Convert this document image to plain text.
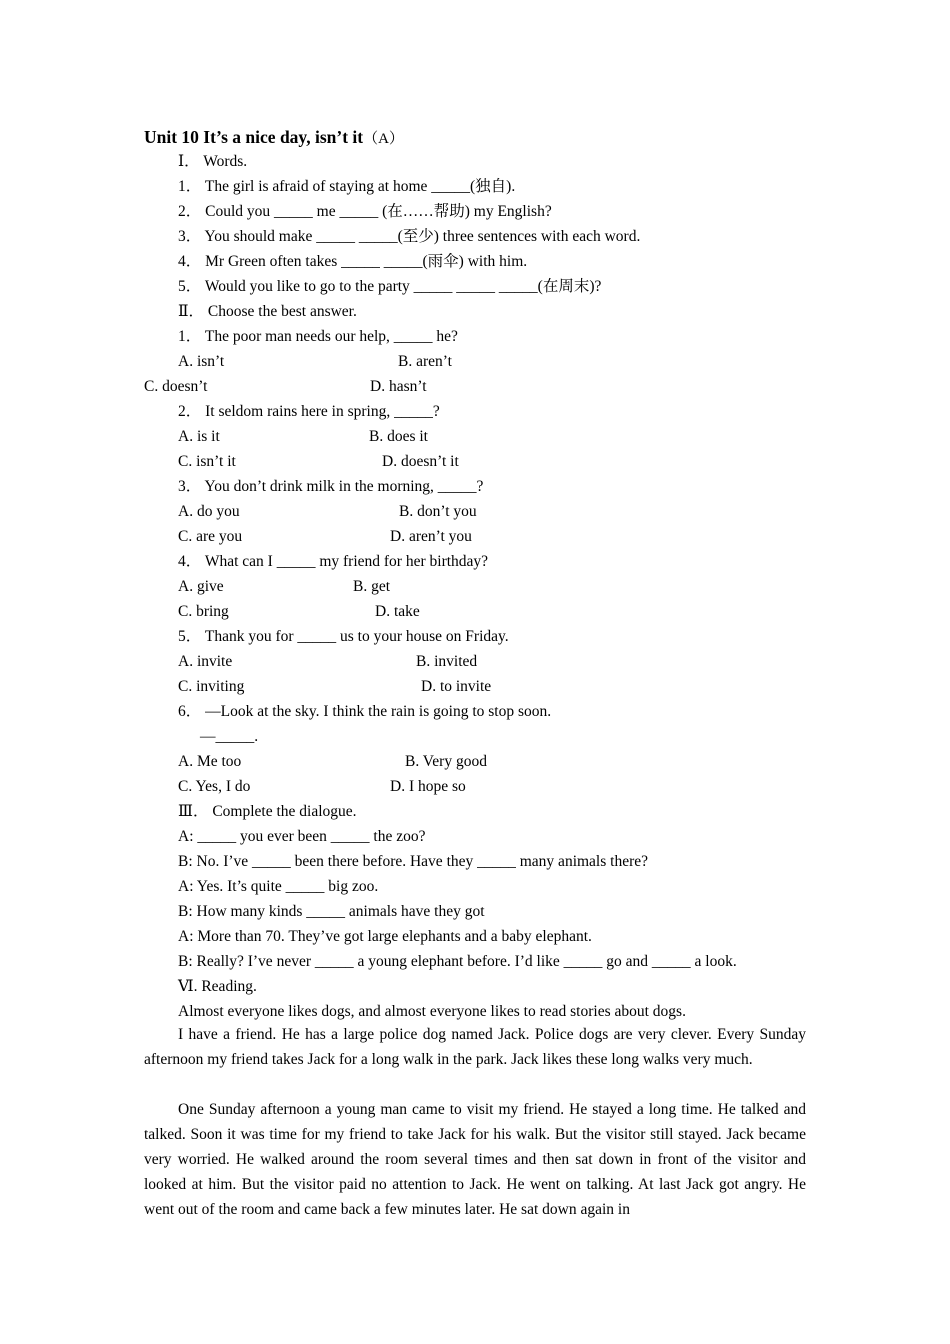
Unit 10 It’s a nice day, isn’t it（A）
Ⅰ． Words.
1． The girl is afraid of staying at home _____(独自).
2． Could you _____ me _____ (在……帮助) my English?
3． You should make _____ _____(至少) three sentences with each word.
4． Mr Green often takes _____ _____(雨伞) with him.
5． Would you like to go to the party _____ _____ _____(在周末)?
Ⅱ． Choose the best answer.
1． The poor man needs our help, _____ he?
A. isn’t	B. aren’t
C. doesn’t	D. hasn’t
2． It seldom rains here in spring, _____?
A. is it	B. does it
C. isn’t it	D. doesn’t it
3． You don’t drink milk in the morning, _____?
A. do you	B. don’t you
C. are you	D. aren’t you
4． What can I _____ my friend for her birthday?
A. give	B. get
C. bring	D. take
5． Thank you for _____ us to your house on Friday.
A. invite	B. invited
C. inviting	D. to invite
6． —Look at the sky. I think the rain is going to stop soon.
—_____.
A. Me too	B. Very good
C. Yes, I do	D. I hope so
Ⅲ． Complete the dialogue.
A: _____ you ever been _____ the zoo?
B: No. I’ve _____ been there before. Have they _____ many animals there?
A: Yes. It’s quite _____ big zoo.
B: How many kinds _____ animals have they got
A: More than 70. They’ve got large elephants and a baby elephant.
B: Really? I’ve never _____ a young elephant before. I’d like _____ go and _____ a look.
Ⅵ. Reading.
Almost everyone likes dogs, and almost everyone likes to read stories about dogs.
I have a friend. He has a large police dog named Jack. Police dogs are very clever. Every Sunday afternoon my friend takes Jack for a long walk in the park. Jack likes these long walks very much.
One Sunday afternoon a young man came to visit my friend. He stayed a long time. He talked and talked. Soon it was time for my friend to take Jack for his walk. But the visitor still stayed. Jack became very worried. He walked around the room several times and then sat down in front of the visitor and looked at him. But the visitor paid no attention to Jack. He went on talking. At last Jack got angry. He went out of the room and came back a few minutes later. He sat down again in
